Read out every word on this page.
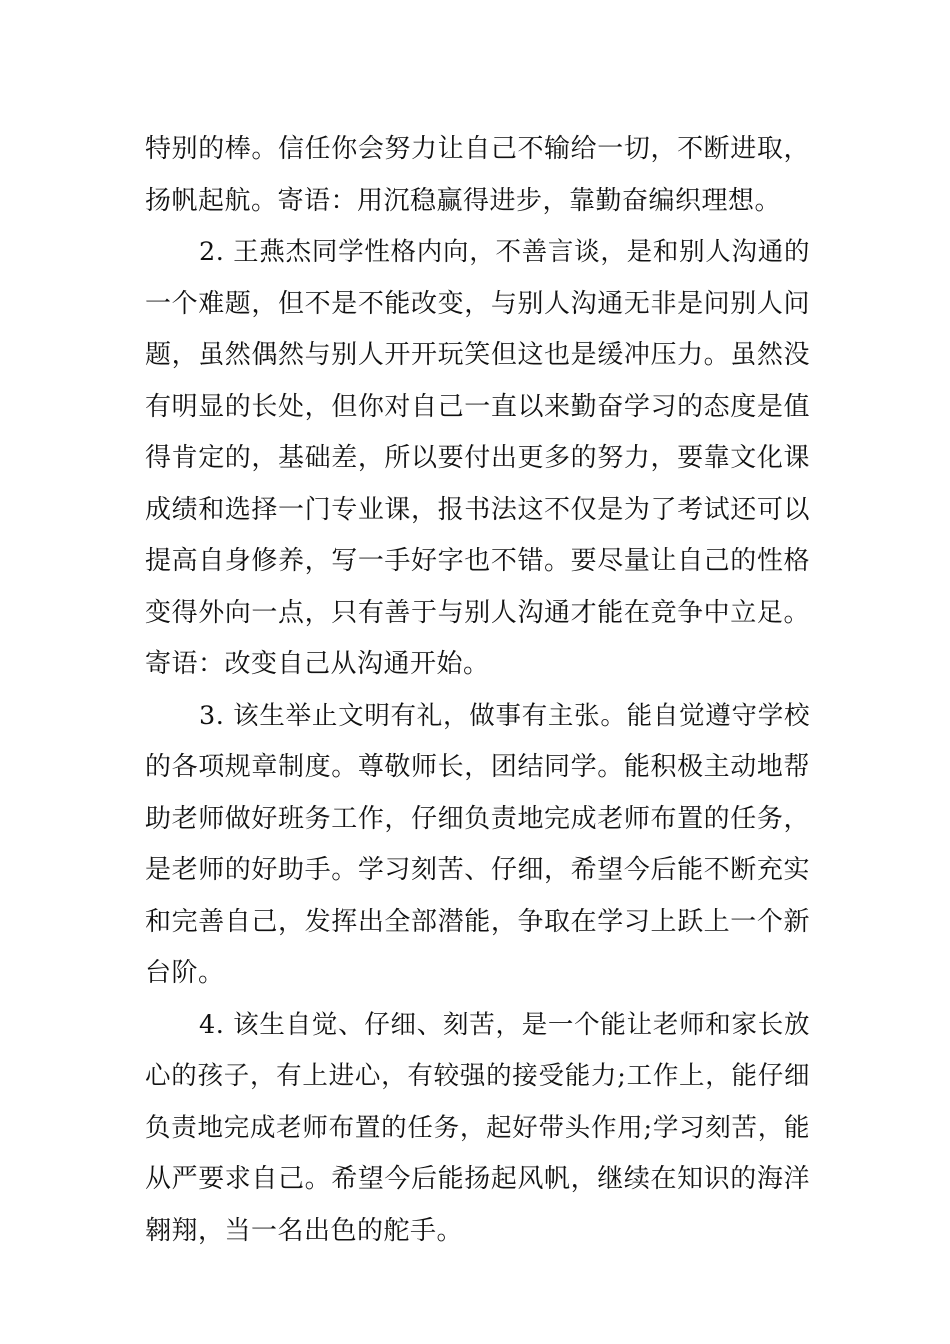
特别的棒。信任你会努力让自己不输给一切，不断进取，
扬帆起航。寄语：用沉稳赢得进步，靠勤奋编织理想。
2. 王燕杰同学性格内向，不善言谈，是和别人沟通的
一个难题，但不是不能改变，与别人沟通无非是问别人问
题，虽然偶然与别人开开玩笑但这也是缓冲压力。虽然没
有明显的长处，但你对自己一直以来勤奋学习的态度是值
得肯定的，基础差，所以要付出更多的努力，要靠文化课
成绩和选择一门专业课，报书法这不仅是为了考试还可以
提高自身修养，写一手好字也不错。要尽量让自己的性格
变得外向一点，只有善于与别人沟通才能在竞争中立足。
寄语：改变自己从沟通开始。
3. 该生举止文明有礼，做事有主张。能自觉遵守学校
的各项规章制度。尊敬师长，团结同学。能积极主动地帮
助老师做好班务工作，仔细负责地完成老师布置的任务，
是老师的好助手。学习刻苦、仔细，希望今后能不断充实
和完善自己，发挥出全部潜能，争取在学习上跃上一个新
台阶。
4. 该生自觉、仔细、刻苦，是一个能让老师和家长放
心的孩子，有上进心，有较强的接受能力;工作上，能仔细
负责地完成老师布置的任务，起好带头作用;学习刻苦，能
从严要求自己。希望今后能扬起风帆，继续在知识的海洋
翱翔，当一名出色的舵手。
